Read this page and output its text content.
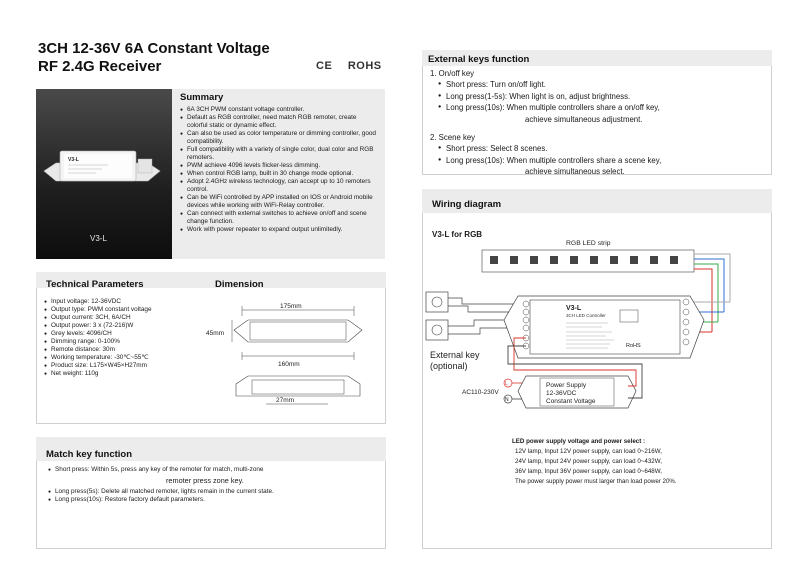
3CH 12-36V 6A Constant Voltage
RF 2.4G Receiver	CE ROHS
V3-L
V3-L
Summary
● 6A 3CH PWM constant voltage controller.
● Default as RGB controller, need match RGB remoter, create colorful static or dynamic effect.
● Can also be used as color temperature or dimming controller, good compatibility.
● Full compatibility with a variety of single color, dual color and RGB remoters.
● PWM achieve 4096 levels flicker-less dimming.
● When control RGB lamp, built in 30 change mode optional.
● Adopt 2.4GHz wireless technology, can accept up to 10 remoters control.
● Can be WiFi controlled by APP installed on IOS or Android mobile devices while working with WiFi-Relay controller.
● Can connect with external switches to achieve on/off and scene change function.
● Work with power repeater to expand output unlimitedly.
Technical Parameters	Dimension
● Input voltage: 12-36VDC
● Output type: PWM constant voltage
● Output current: 3CH, 6A/CH
● Output power: 3 x (72-216)W
● Grey levels: 4096/CH
● Dimming range: 0-100%
● Remote distance: 30m
● Working temperature: -30℃~55℃
● Product size: L175×W45×H27mm
● Net weight: 110g
175mm
45mm
160mm
27mm
Match key function
● Short press: Within 5s, press any key of the remoter for match, multi-zone
remoter press zone key.
● Long press(5s): Delete all matched remoter, lights remain in the current state.
● Long press(10s): Restore factory default parameters.
External keys function
1. On/off key
● Short press: Turn on/off light.
● Long press(1-5s): When light is on, adjust brightness.
● Long press(10s): When multiple controllers share a on/off key,
achieve simultaneous adjustment.
2. Scene key
● Short press: Select 8 scenes.
● Long press(10s): When multiple controllers share a scene key,
achieve simultaneous select.
Wiring diagram
V3-L for RGB
RGB LED strip
External key
(optional)
V3-L
3CH LED Controller
RoHS
AC110-230V
L
N
Power Supply
12-36VDC
Constant Voltage
LED power supply voltage and power select :
12V lamp, Input 12V power supply, can load 0~216W,
24V lamp, Input 24V power supply, can load 0~432W,
36V lamp, Input 36V power supply, can load 0~648W,
The power supply power must larger than load power 20%.
